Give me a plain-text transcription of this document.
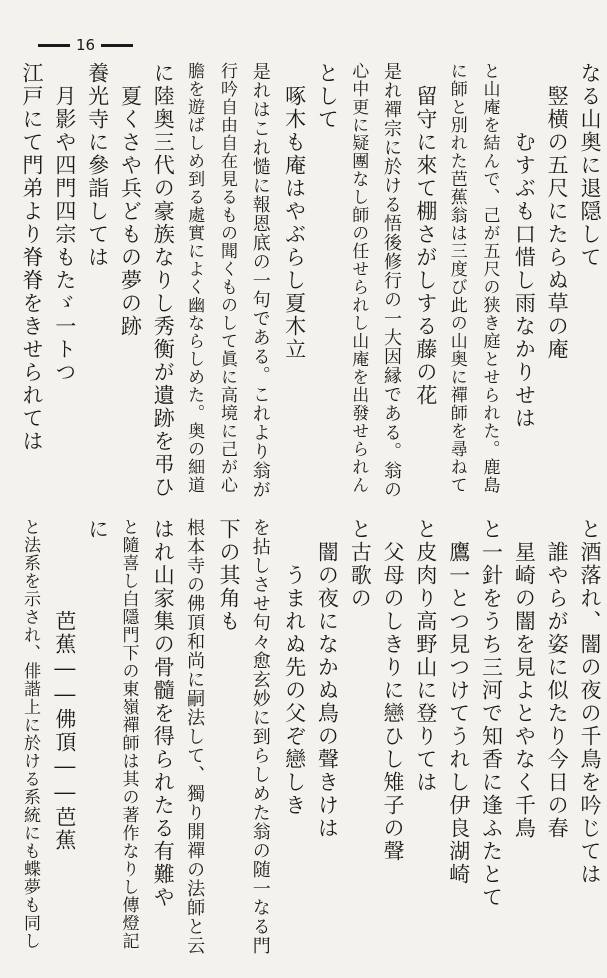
16
なる山奥に退隠して
　竪横の五尺にたらぬ草の庵
　　　むすぶも口惜し雨なかりせは
と山庵を結んで、己が五尺の狭き庭とせられた。鹿島
に師と別れた芭蕉翁は三度び此の山奥に禪師を尋ねて
　留守に來て棚さがしする藤の花
是れ禪宗に於ける悟後修行の一大因縁である。翁の
心中更に疑團なし師の任せられし山庵を出發せられん
として
　啄木も庵はやぶらし夏木立
是れはこれ慥に報恩底の一句である。これより翁が
行吟自由自在見るもの聞くものして眞に高境に己が心
膽を遊ばしめ到る處實によく幽ならしめた。奥の細道
に陸奥三代の豪族なりし秀衡が遺跡を弔ひ
　夏くさや兵どもの夢の跡
養光寺に參詣しては
　月影や四門四宗もたゞ一トつ
江戸にて門弟より脊脊をきせられては
と酒落れ、闇の夜の千鳥を吟じては
　誰やらが姿に似たり今日の春
　星崎の闇を見よとやなく千鳥
と一針をうち三河で知香に逢ふたとて
　鷹一とつ見つけてうれし伊良湖崎
と皮肉り高野山に登りては
　父母のしきりに戀ひし雉子の聲
と古歌の
　闇の夜になかぬ鳥の聲きけは
　　うまれぬ先の父ぞ戀しき
を拈しさせ句々愈玄妙に到らしめた翁の随一なる門
下の其角も
根本寺の佛頂和尚に嗣法して、獨り開禪の法師と云
はれ山家集の骨髓を得られたる有難や
と隨喜し白隱門下の東嶺禪師は其の著作なりし傳燈記
に
　　　　芭蕉――佛頂――芭蕉
と法系を示され、俳諧上に於ける系統にも蝶夢も同し
